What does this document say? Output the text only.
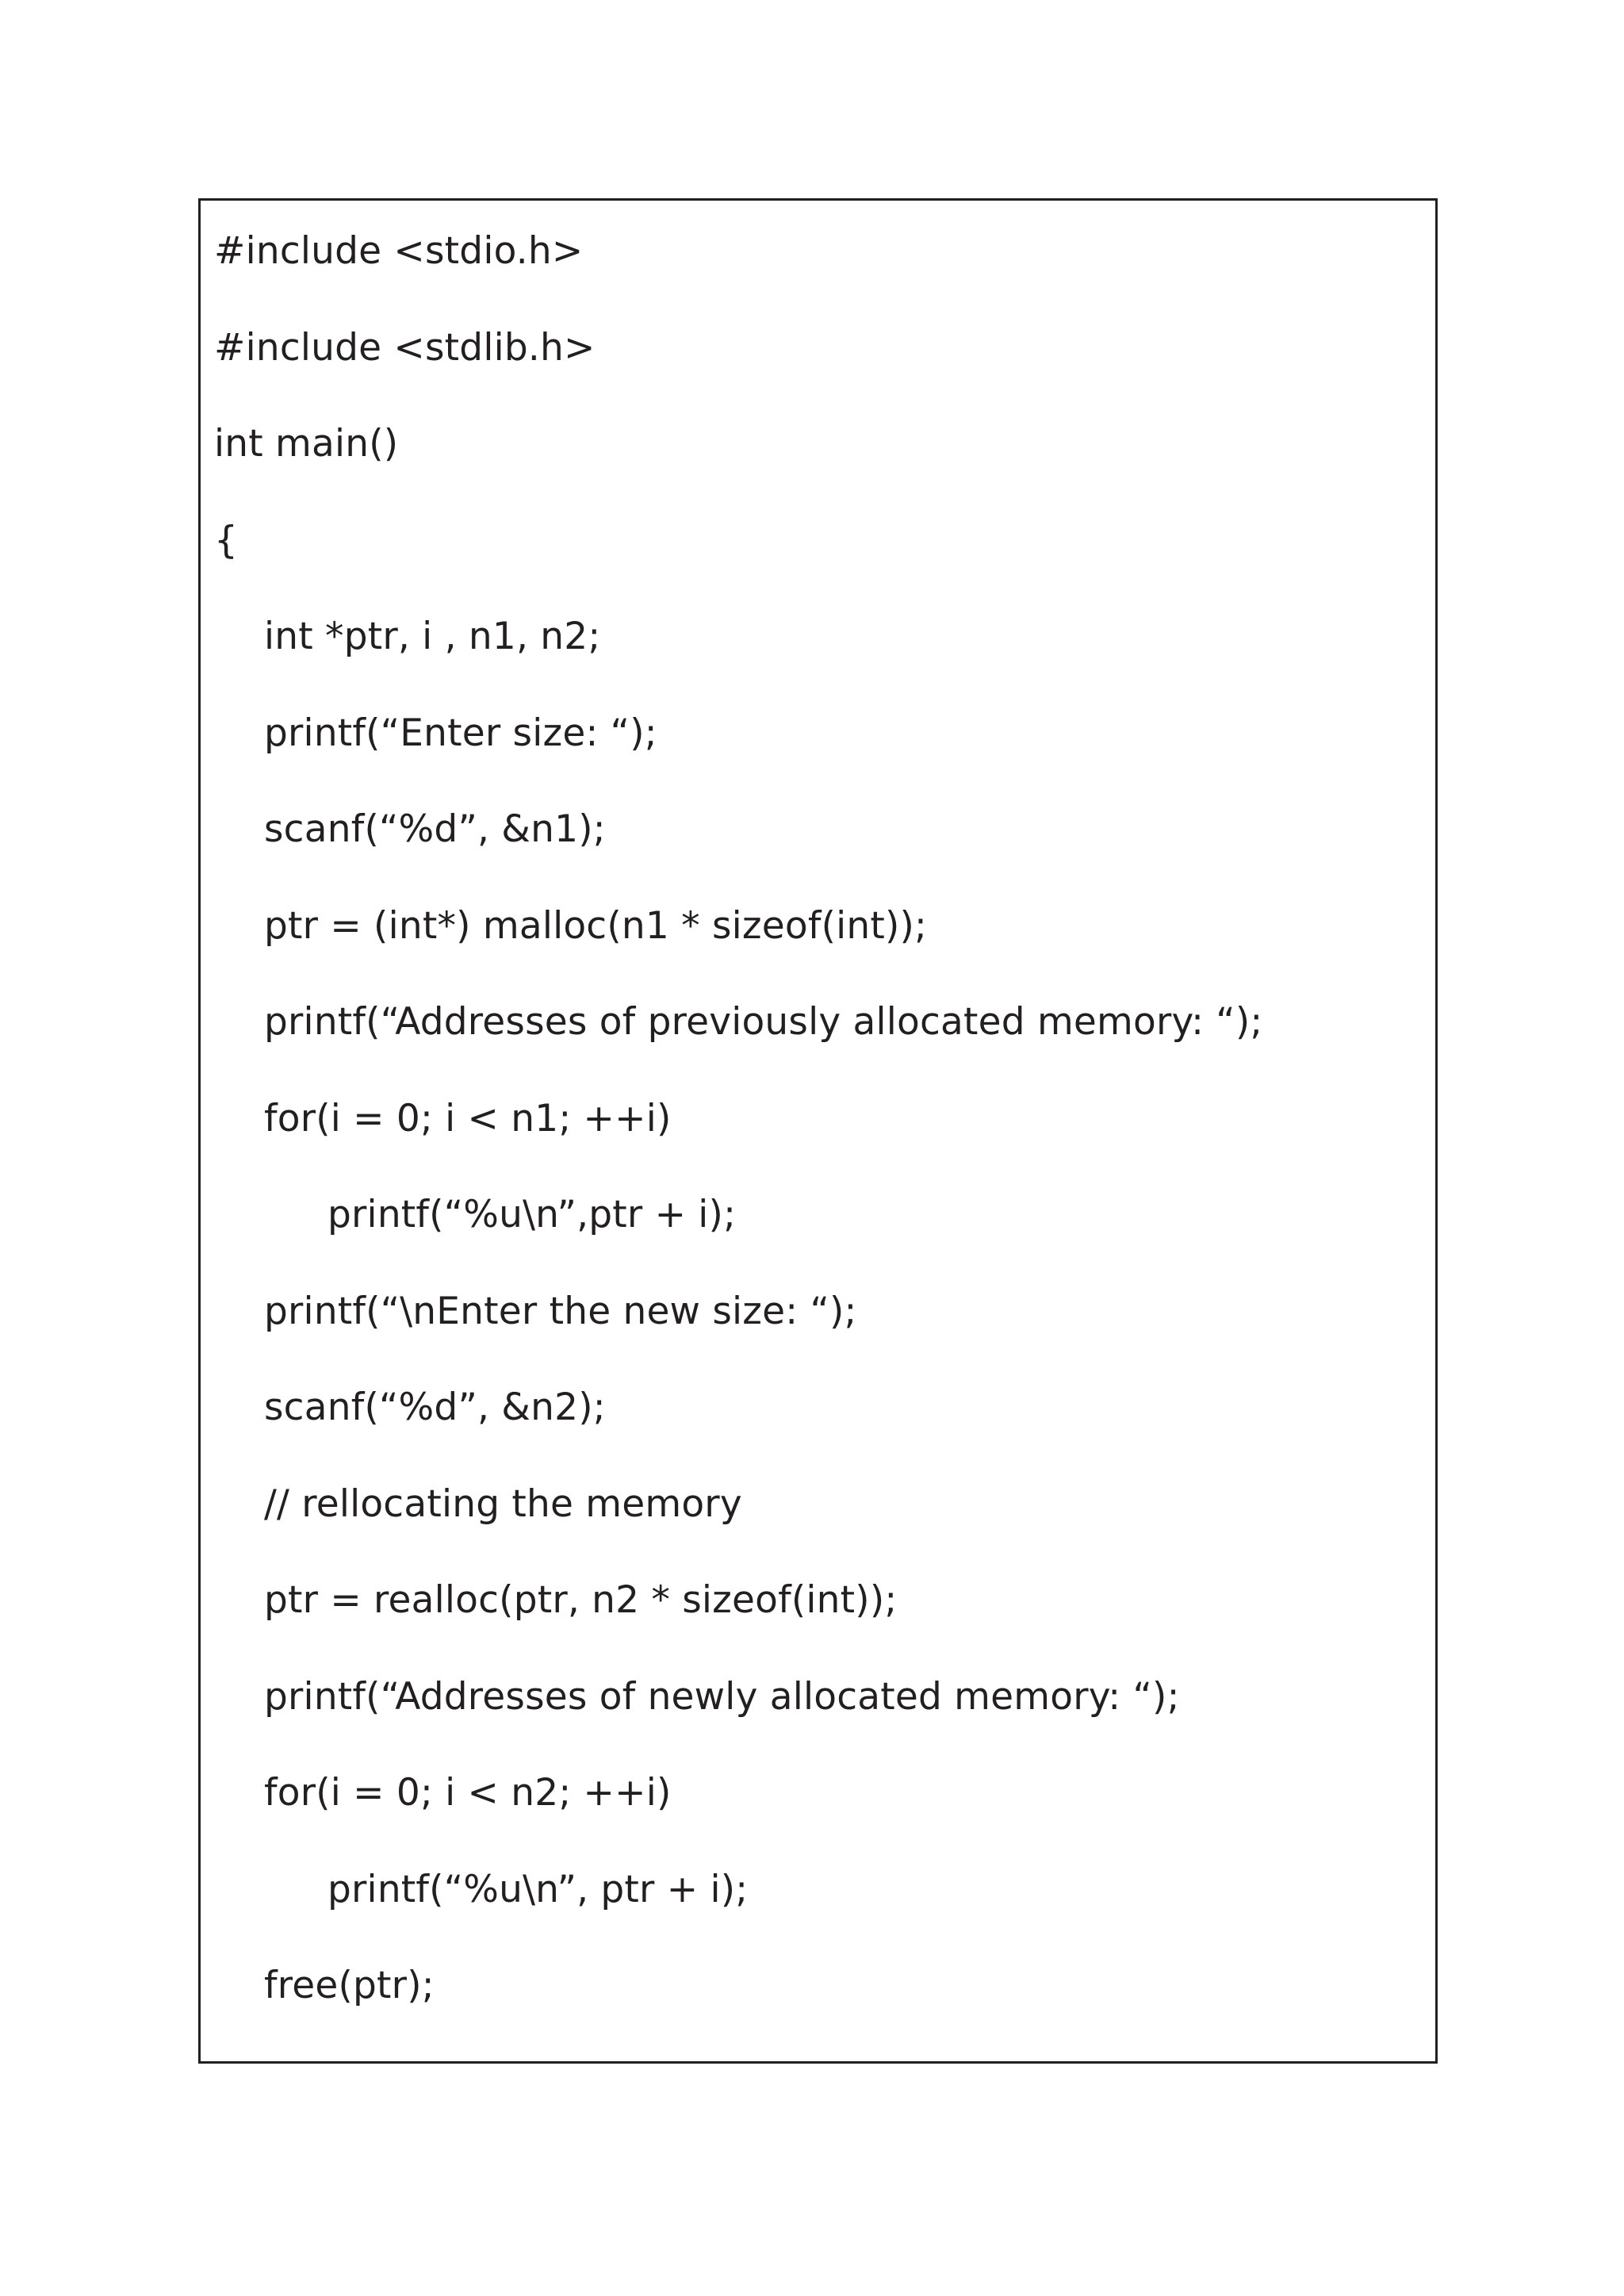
#include <stdio.h>
#include <stdlib.h>
int main()
{
int *ptr, i , n1, n2;
printf(“Enter size: “);
scanf(“%d”, &n1);
ptr = (int*) malloc(n1 * sizeof(int));
printf(“Addresses of previously allocated memory: “);
for(i = 0; i < n1; ++i)
printf(“%u\n”,ptr + i);
printf(“\nEnter the new size: “);
scanf(“%d”, &n2);
// rellocating the memory
ptr = realloc(ptr, n2 * sizeof(int));
printf(“Addresses of newly allocated memory: “);
for(i = 0; i < n2; ++i)
printf(“%u\n”, ptr + i);
free(ptr);
